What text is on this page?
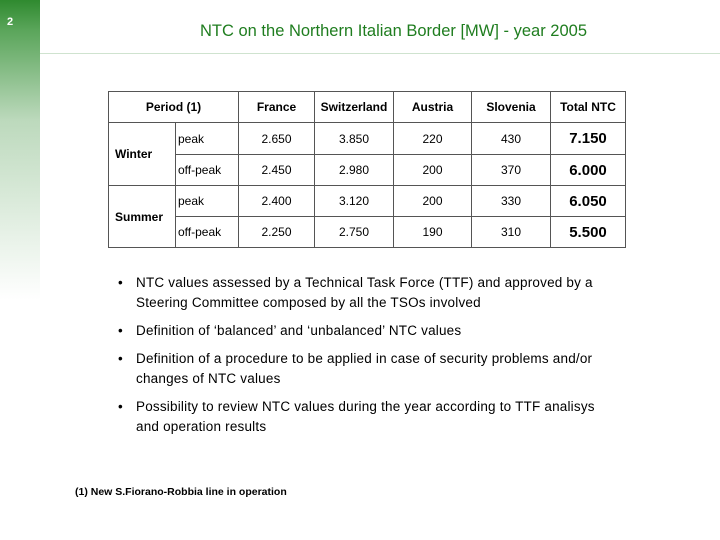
2	NTC on the Northern Italian Border [MW] - year 2005
Period (1)		France	Switzerland	Austria	Slovenia	Total NTC
Winter	peak	2.650	3.850	220	430	7.150
	off-peak	2.450	2.980	200	370	6.000
Summer	peak	2.400	3.120	200	330	6.050
	off-peak	2.250	2.750	190	310	5.500
• NTC values assessed by a Technical Task Force (TTF) and approved by a Steering Committee composed by all the TSOs involved
• Definition of ‘balanced’ and ‘unbalanced’ NTC values
• Definition of a procedure to be applied in case of security problems and/or changes of NTC values
• Possibility to review NTC values during the year according to TTF analisys and operation results
(1) New S.Fiorano-Robbia line in operation
